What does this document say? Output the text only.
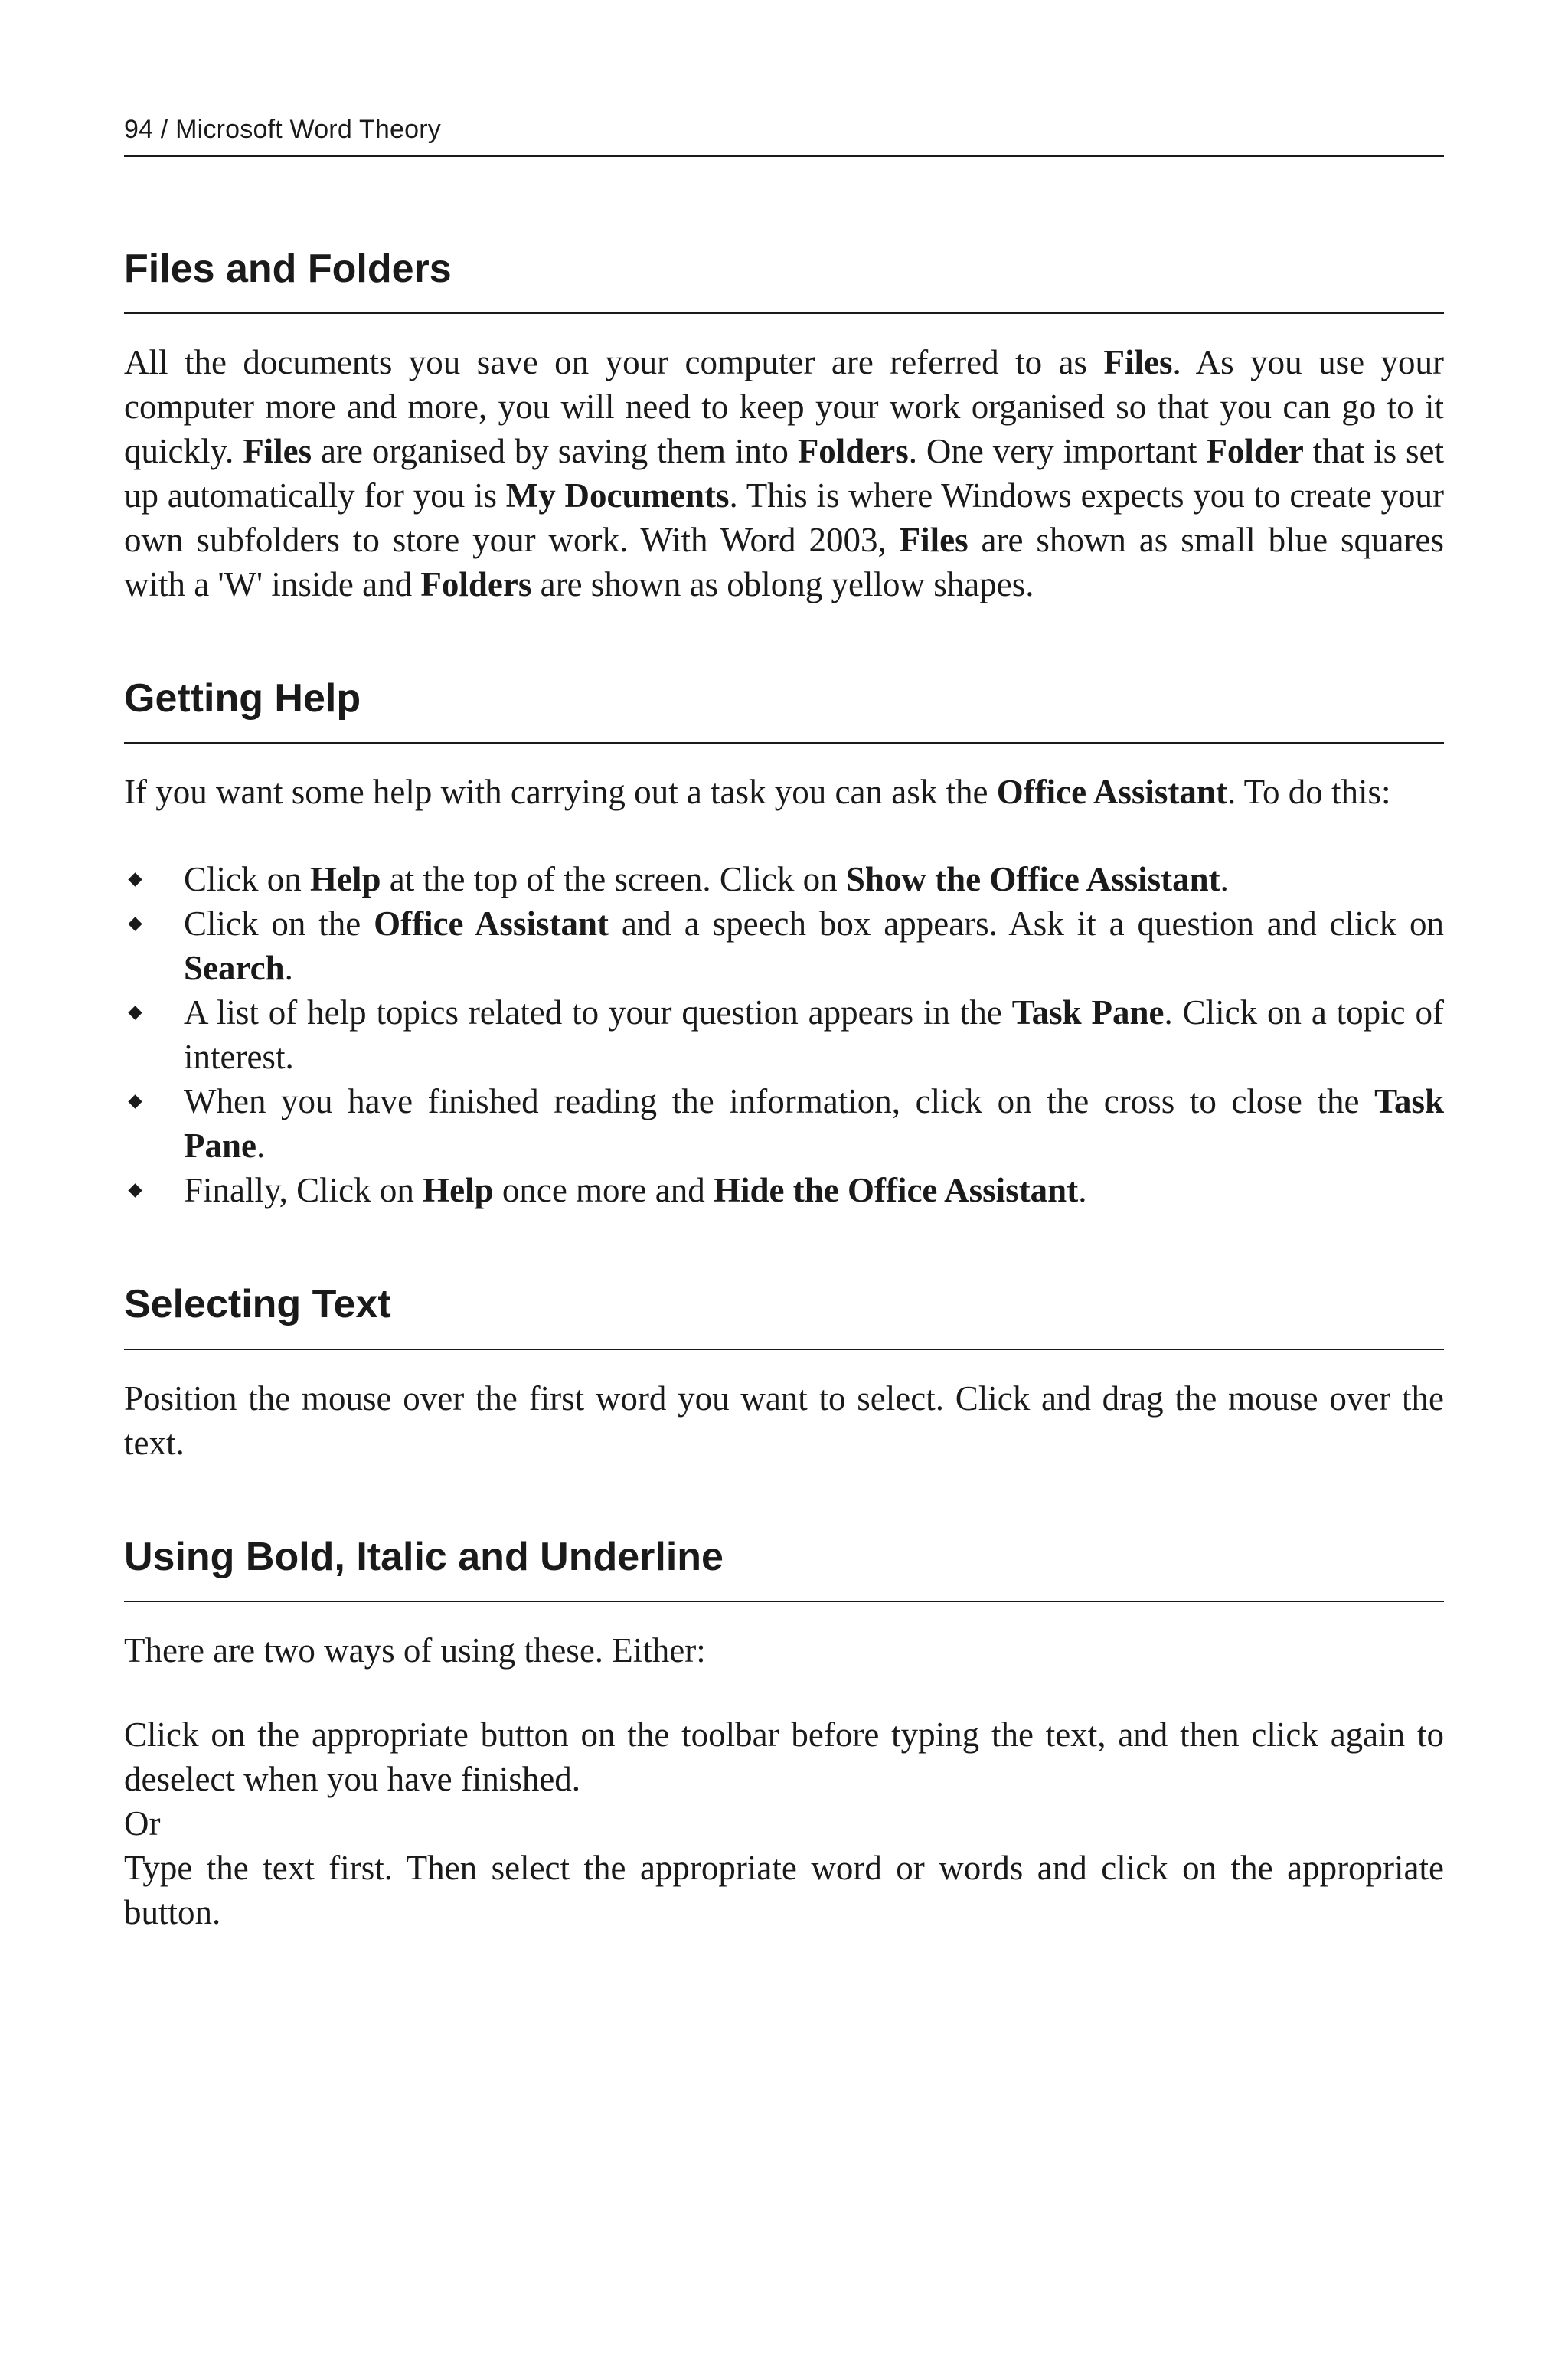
94 / Microsoft Word Theory
Files and Folders

All the documents you save on your computer are referred to as Files. As you use your computer more and more, you will need to keep your work organised so that you can go to it quickly. Files are organised by saving them into Folders. One very important Folder that is set up automatically for you is My Documents. This is where Windows expects you to create your own subfolders to store your work. With Word 2003, Files are shown as small blue squares with a 'W' inside and Folders are shown as oblong yellow shapes.

Getting Help

If you want some help with carrying out a task you can ask the Office Assistant. To do this:

Click on Help at the top of the screen. Click on Show the Office Assistant.
Click on the Office Assistant and a speech box appears. Ask it a question and click on Search.
A list of help topics related to your question appears in the Task Pane. Click on a topic of interest.
When you have finished reading the information, click on the cross to close the Task Pane.
Finally, Click on Help once more and Hide the Office Assistant.
Selecting Text

Position the mouse over the first word you want to select. Click and drag the mouse over the text.

Using Bold, Italic and Underline

There are two ways of using these. Either:

Click on the appropriate button on the toolbar before typing the text, and then click again to deselect when you have finished.

Or

Type the text first. Then select the appropriate word or words and click on the appropriate button.
